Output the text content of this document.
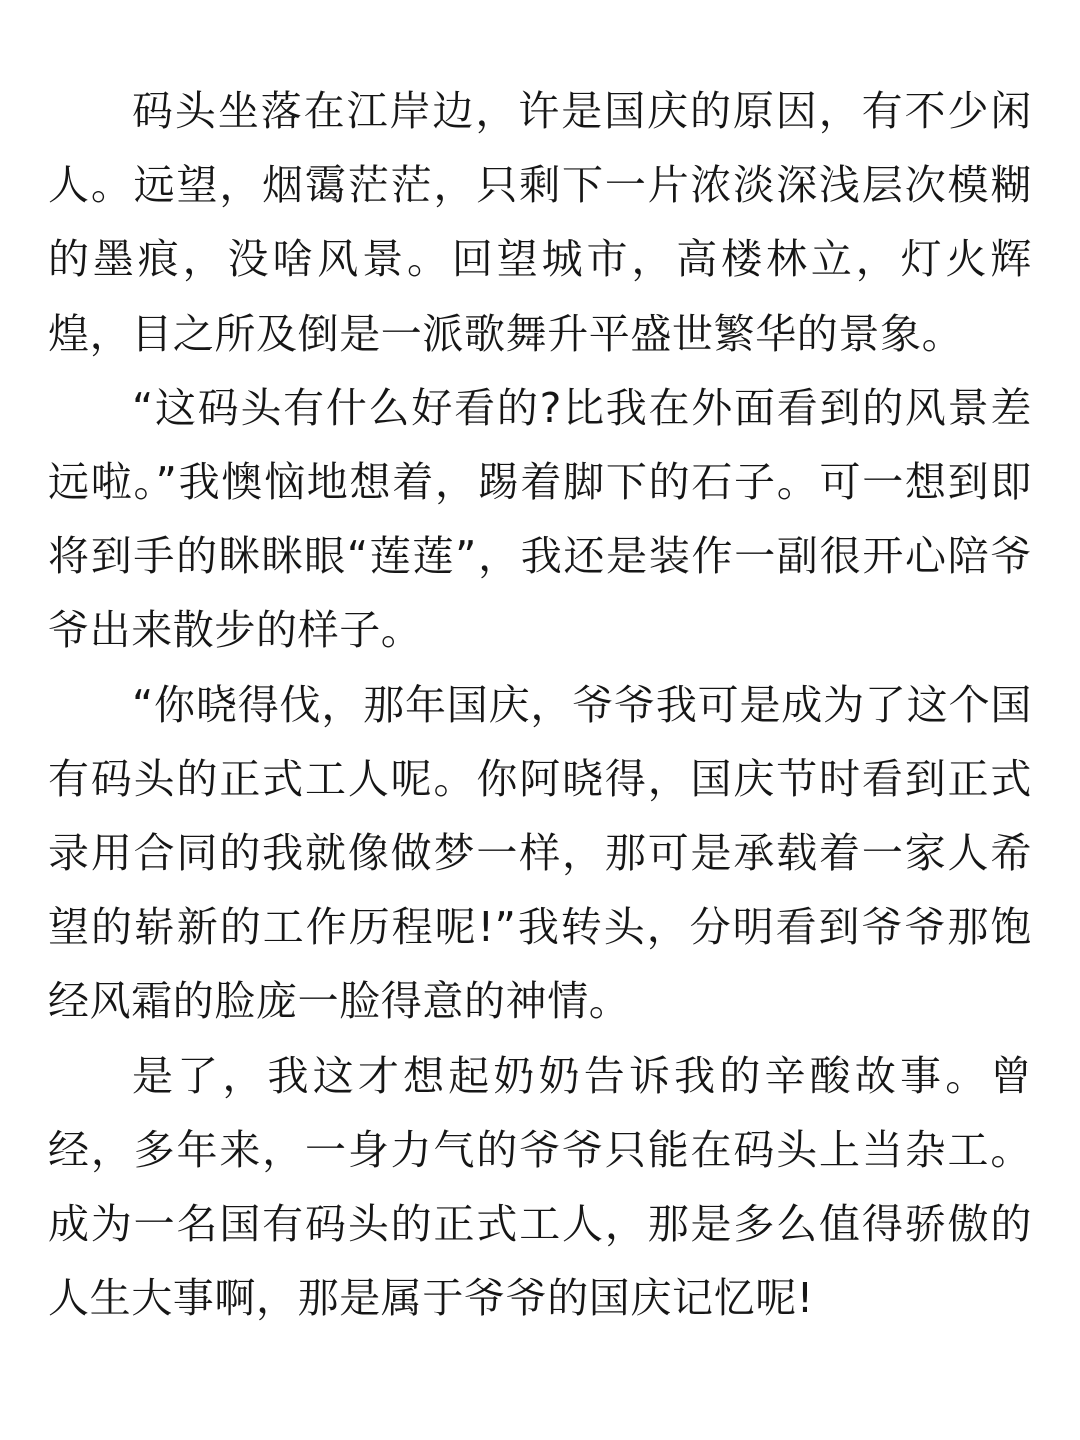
码头坐落在江岸边，许是国庆的原因，有不少闲人。远望，烟霭茫茫，只剩下一片浓淡深浅层次模糊的墨痕，没啥风景。回望城市，高楼林立，灯火辉煌，目之所及倒是一派歌舞升平盛世繁华的景象。

“这码头有什么好看的?比我在外面看到的风景差远啦。”我懊恼地想着，踢着脚下的石子。可一想到即将到手的眯眯眼“莲莲”，我还是装作一副很开心陪爷爷出来散步的样子。

“你晓得伐，那年国庆，爷爷我可是成为了这个国有码头的正式工人呢。你阿晓得，国庆节时看到正式录用合同的我就像做梦一样，那可是承载着一家人希望的崭新的工作历程呢!”我转头，分明看到爷爷那饱经风霜的脸庞一脸得意的神情。

是了，我这才想起奶奶告诉我的辛酸故事。曾经，多年来，一身力气的爷爷只能在码头上当杂工。成为一名国有码头的正式工人，那是多么值得骄傲的人生大事啊，那是属于爷爷的国庆记忆呢!
